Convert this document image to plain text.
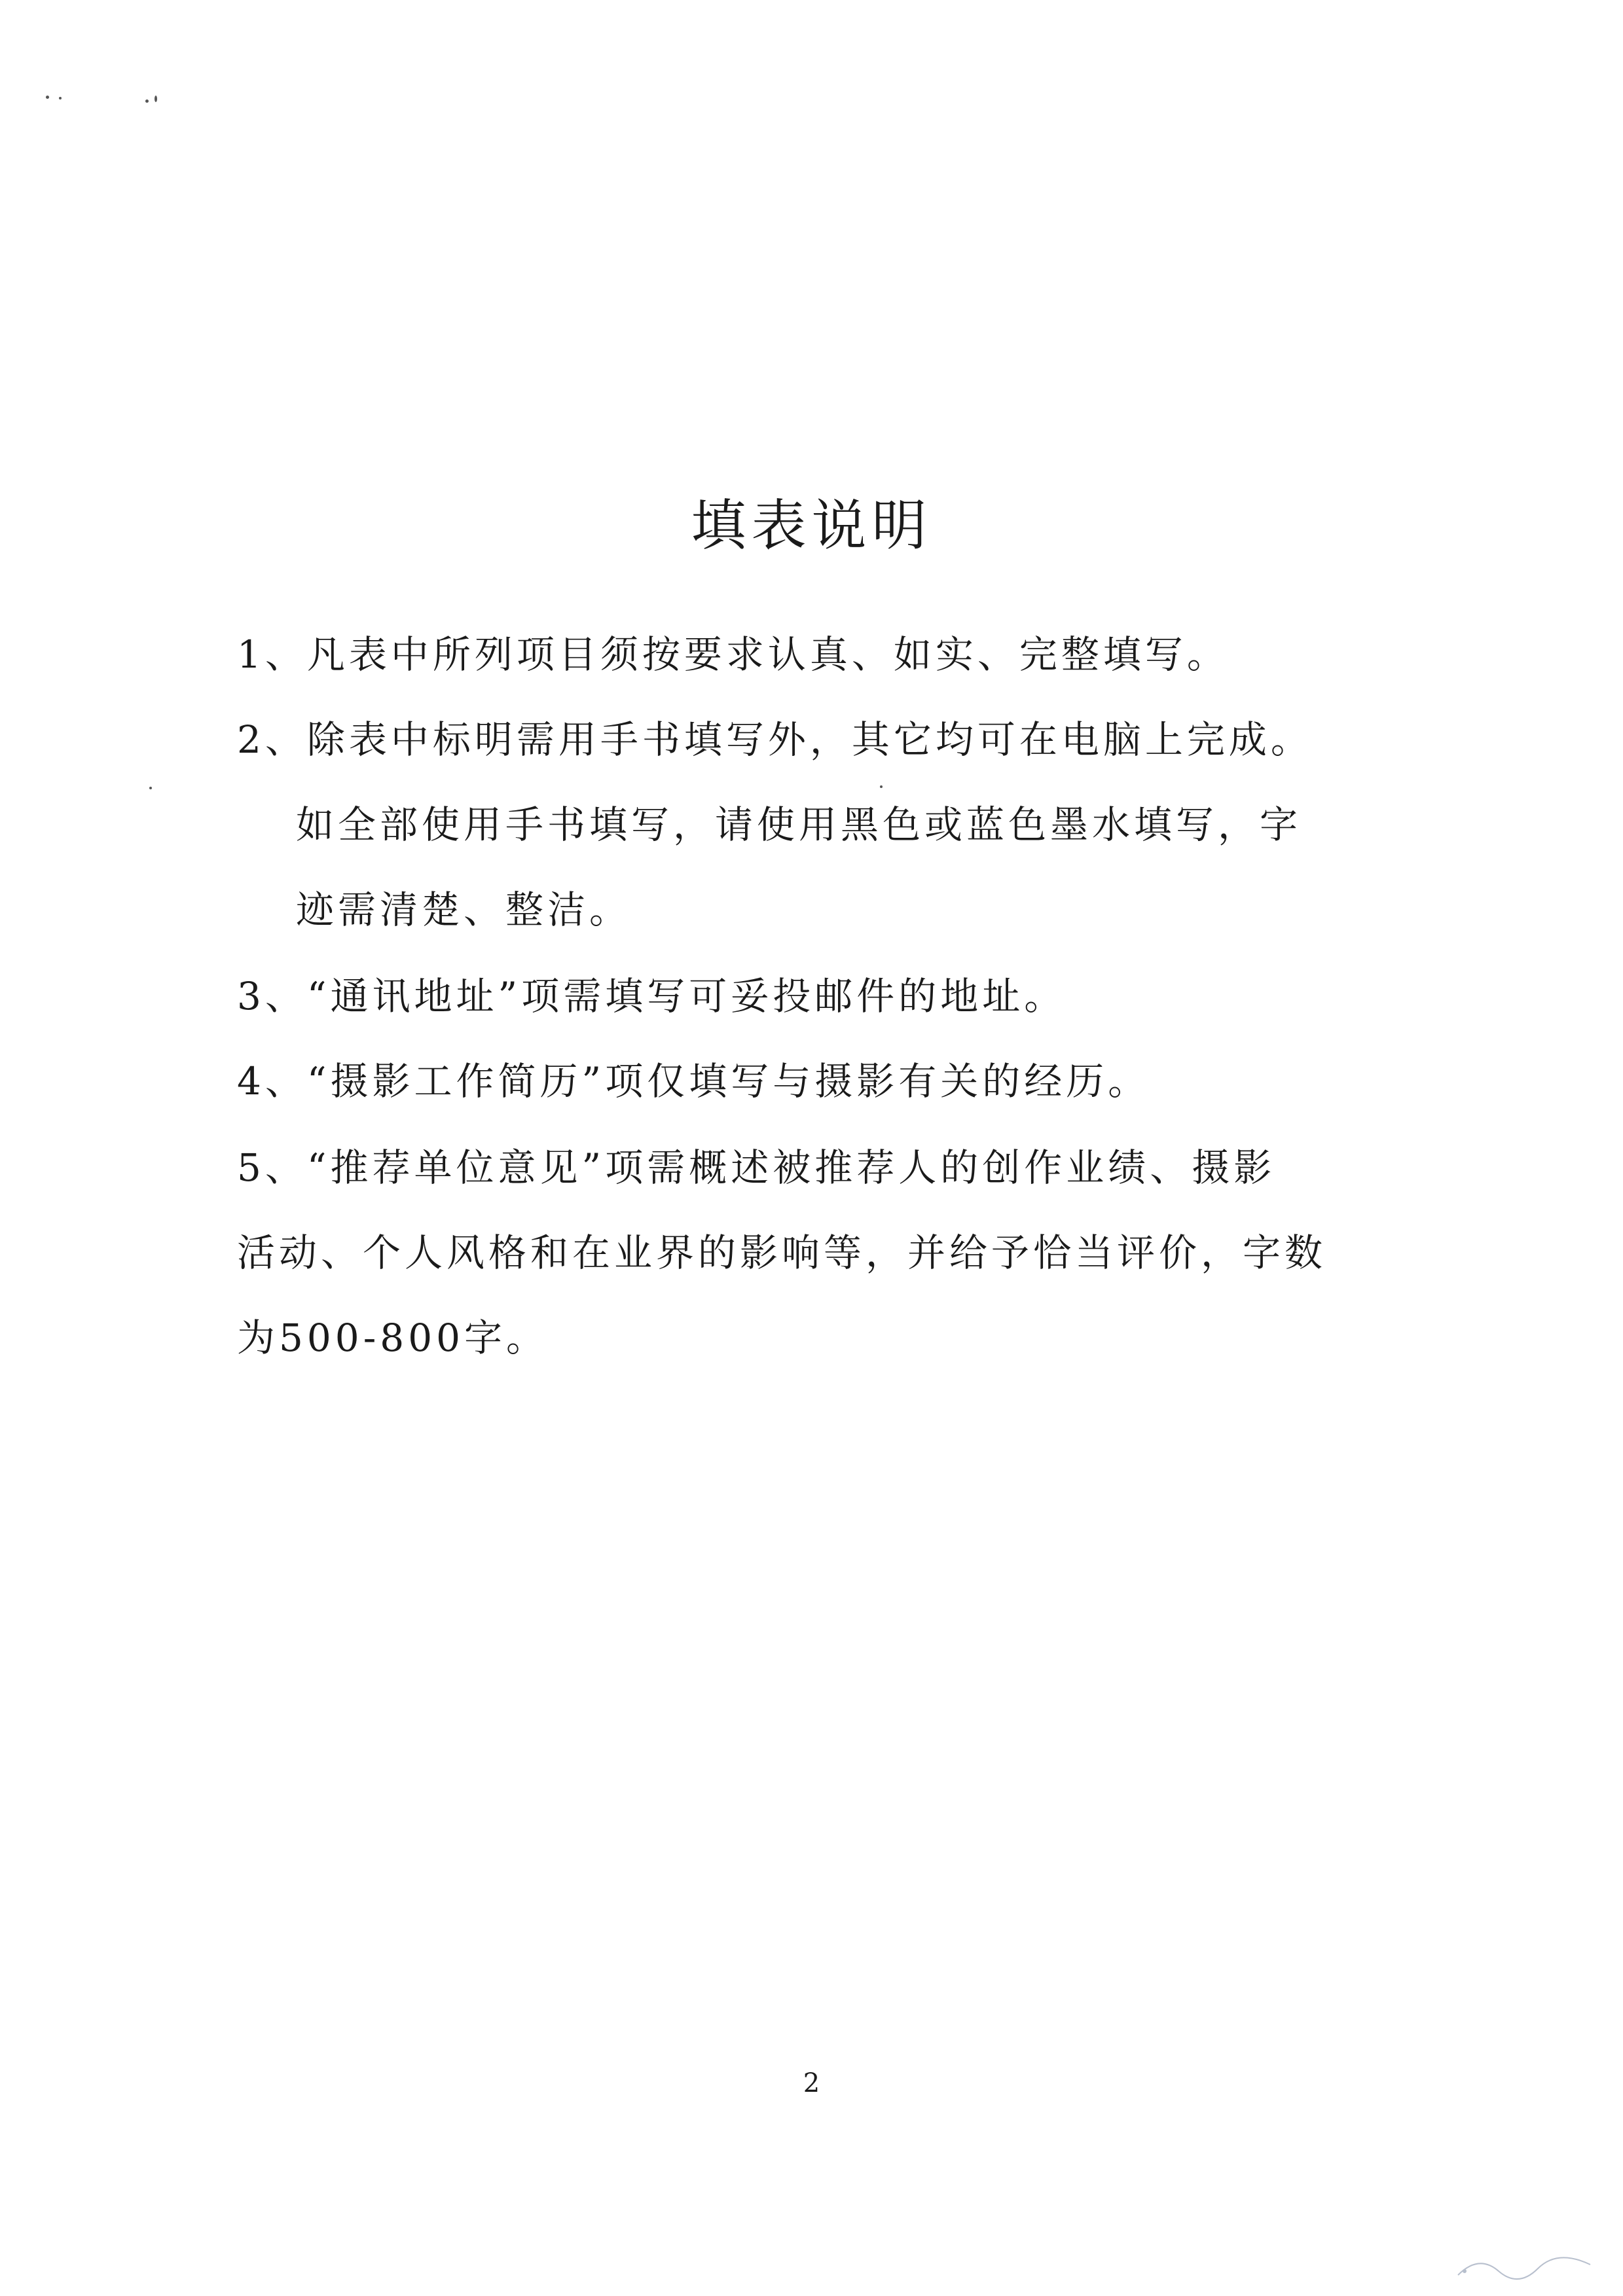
填表说明
1、凡表中所列项目须按要求认真、如实、完整填写。
2、除表中标明需用手书填写外，其它均可在电脑上完成。
如全部使用手书填写，请使用黑色或蓝色墨水填写，字
迹需清楚、整洁。
3、“通讯地址”项需填写可妥投邮件的地址。
4、“摄影工作简历”项仅填写与摄影有关的经历。
5、“推荐单位意见”项需概述被推荐人的创作业绩、摄影
活动、个人风格和在业界的影响等，并给予恰当评价，字数
为500-800字。
2
